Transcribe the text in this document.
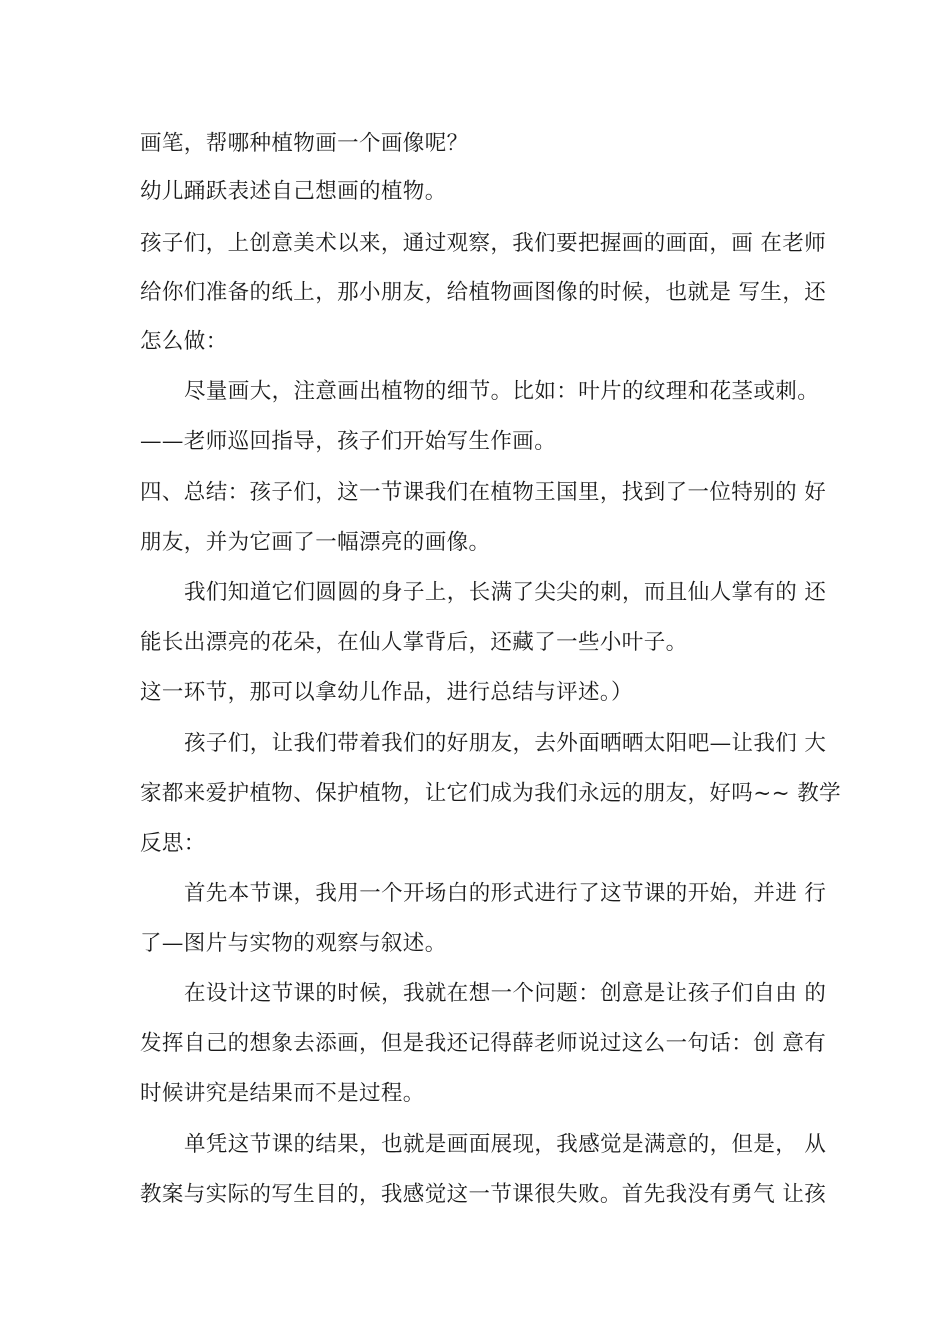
画笔，帮哪种植物画一个画像呢？
幼儿踊跃表述自己想画的植物。
孩子们，上创意美术以来，通过观察，我们要把握画的画面，画 在老师
给你们准备的纸上，那小朋友，给植物画图像的时候，也就是 写生，还
怎么做：
尽量画大，注意画出植物的细节。比如：叶片的纹理和花茎或刺。
——老师巡回指导，孩子们开始写生作画。
四、总结：孩子们，这一节课我们在植物王国里，找到了一位特别的 好
朋友，并为它画了一幅漂亮的画像。
我们知道它们圆圆的身子上，长满了尖尖的刺，而且仙人掌有的 还
能长出漂亮的花朵，在仙人掌背后，还藏了一些小叶子。
这一环节，那可以拿幼儿作品，进行总结与评述。）
孩子们，让我们带着我们的好朋友，去外面晒晒太阳吧—让我们 大
家都来爱护植物、保护植物，让它们成为我们永远的朋友，好吗~~ 教学
反思：
首先本节课，我用一个开场白的形式进行了这节课的开始，并进 行
了—图片与实物的观察与叙述。
在设计这节课的时候，我就在想一个问题：创意是让孩子们自由 的
发挥自己的想象去添画，但是我还记得薛老师说过这么一句话：创 意有
时候讲究是结果而不是过程。
单凭这节课的结果，也就是画面展现，我感觉是满意的，但是， 从
教案与实际的写生目的，我感觉这一节课很失败。首先我没有勇气 让孩
